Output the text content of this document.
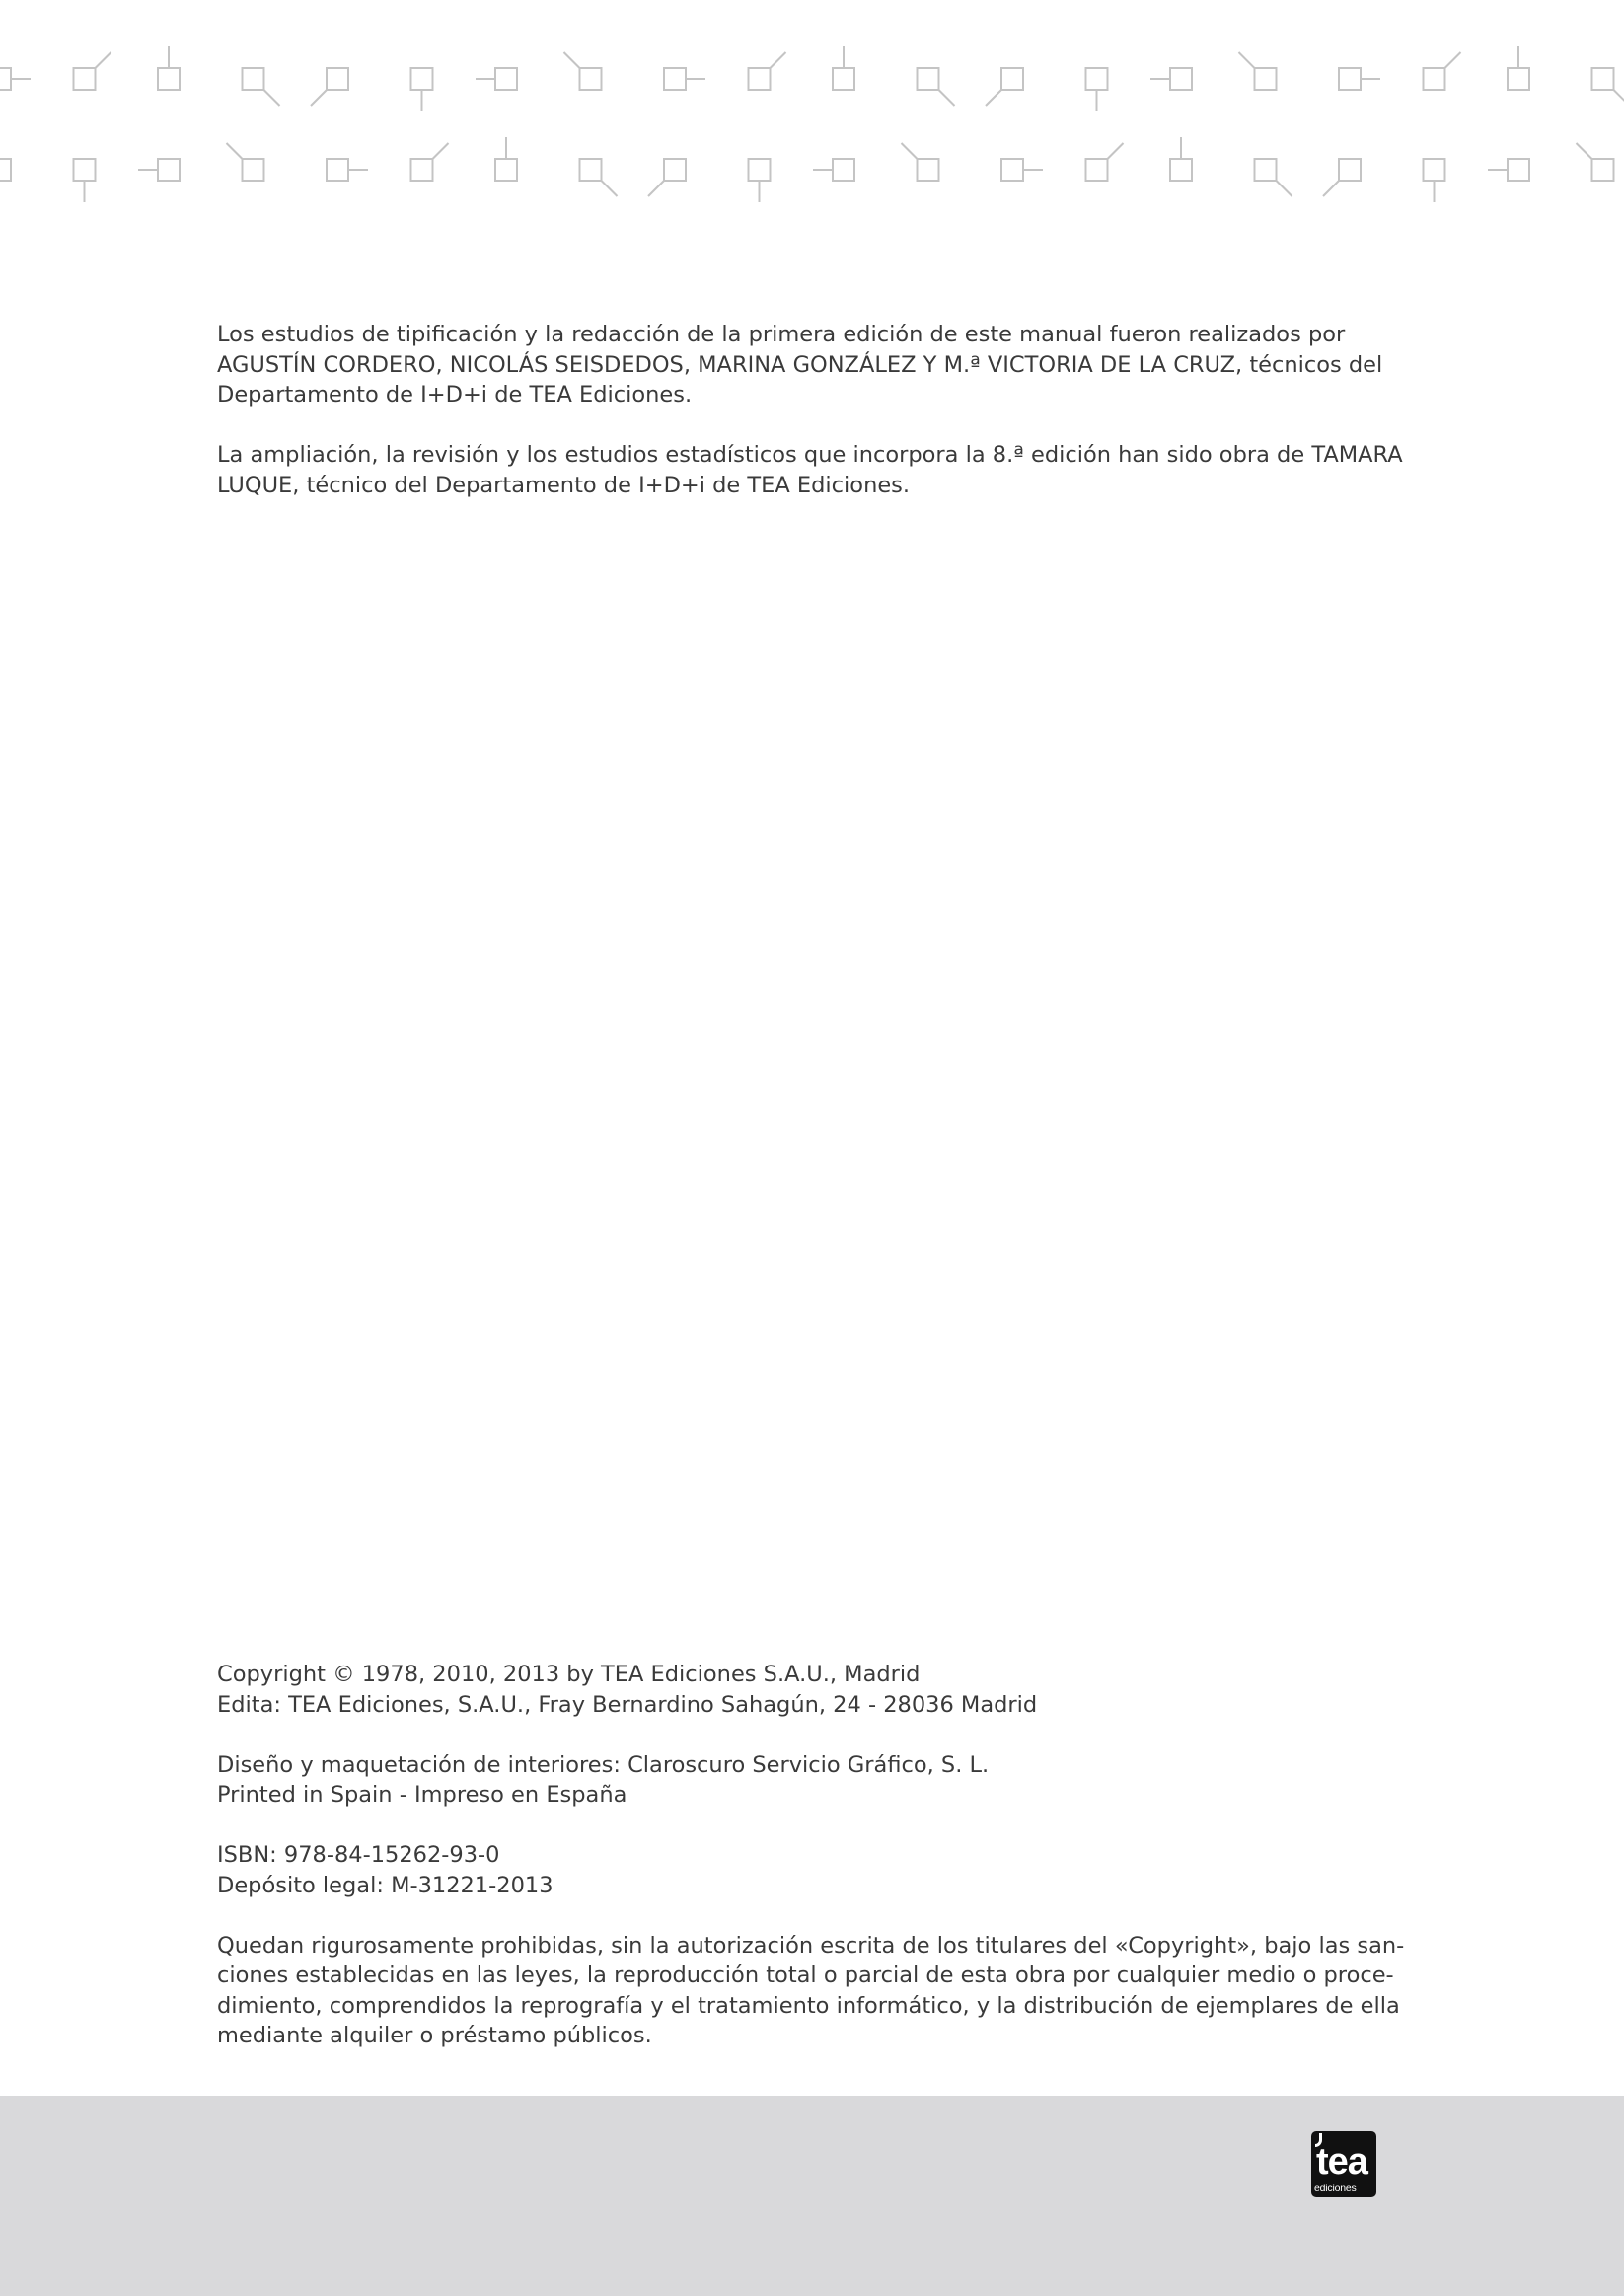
Los estudios de tipificación y la redacción de la primera edición de este manual fueron realizados por
AGUSTÍN CORDERO, NICOLÁS SEISDEDOS, MARINA GONZÁLEZ Y M.ª VICTORIA DE LA CRUZ, técnicos del
Departamento de I+D+i de TEA Ediciones.

La ampliación, la revisión y los estudios estadísticos que incorpora la 8.ª edición han sido obra de TAMARA
LUQUE, técnico del Departamento de I+D+i de TEA Ediciones.

Copyright © 1978, 2010, 2013 by TEA Ediciones S.A.U., Madrid
Edita: TEA Ediciones, S.A.U., Fray Bernardino Sahagún, 24 - 28036 Madrid

Diseño y maquetación de interiores: Claroscuro Servicio Gráfico, S. L.
Printed in Spain - Impreso en España

ISBN: 978-84-15262-93-0
Depósito legal: M-31221-2013

Quedan rigurosamente prohibidas, sin la autorización escrita de los titulares del «Copyright», bajo las san-
ciones establecidas en las leyes, la reproducción total o parcial de esta obra por cualquier medio o proce-
dimiento, comprendidos la reprografía y el tratamiento informático, y la distribución de ejemplares de ella
mediante alquiler o préstamo públicos.

tea
ediciones
